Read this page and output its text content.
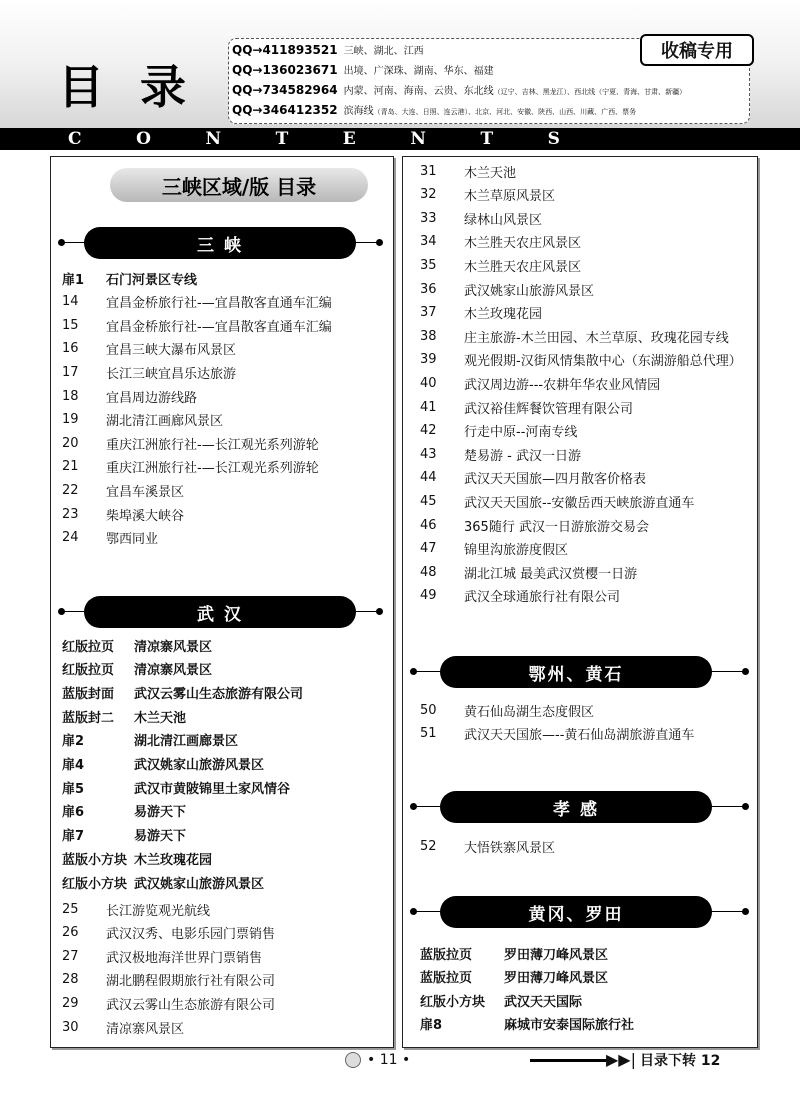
目 录
QQ→411893521 三峡、湖北、江西
QQ→136023671 出境、广深珠、湖南、华东、福建
QQ→734582964 内蒙、河南、海南、云贵、东北线（辽宁、吉林、黑龙江）、西北线（宁夏、青海、甘肃、新疆）
QQ→346412352 滨海线（青岛、大连、日照、连云港）、北京、河北、安徽、陕西、山西、川藏、广西、票务
收稿专用
C	O	N	T	E	N	T	S
三峡区域/版 目录
三 峡
武 汉
鄂州、黄石
孝 感
黄冈、罗田
扉1	石门河景区专线
14	宜昌金桥旅行社-—宜昌散客直通车汇编
15	宜昌金桥旅行社-—宜昌散客直通车汇编
16	宜昌三峡大瀑布风景区
17	长江三峡宜昌乐达旅游
18	宜昌周边游线路
19	湖北清江画廊风景区
20	重庆江洲旅行社-—长江观光系列游轮
21	重庆江洲旅行社-—长江观光系列游轮
22	宜昌车溪景区
23	柴埠溪大峡谷
24	鄂西同业
红版拉页	清凉寨风景区
红版拉页	清凉寨风景区
蓝版封面	武汉云雾山生态旅游有限公司
蓝版封二	木兰天池
扉2	湖北清江画廊景区
扉4	武汉姚家山旅游风景区
扉5	武汉市黄陂锦里土家风情谷
扉6	易游天下
扉7	易游天下
蓝版小方块 木兰玫瑰花园
红版小方块 武汉姚家山旅游风景区
25	长江游览观光航线
26	武汉汉秀、电影乐园门票销售
27	武汉极地海洋世界门票销售
28	湖北鹏程假期旅行社有限公司
29	武汉云雾山生态旅游有限公司
30	清凉寨风景区
31	木兰天池
32	木兰草原风景区
33	绿林山风景区
34	木兰胜天农庄风景区
35	木兰胜天农庄风景区
36	武汉姚家山旅游风景区
37	木兰玫瑰花园
38	庄主旅游-木兰田园、木兰草原、玫瑰花园专线
39	观光假期-汉街风情集散中心（东湖游船总代理）
40	武汉周边游---农耕年华农业风情园
41	武汉裕佳辉餐饮管理有限公司
42	行走中原--河南专线
43	楚易游 - 武汉一日游
44	武汉天天国旅—四月散客价格表
45	武汉天天国旅--安徽岳西天峡旅游直通车
46	365随行 武汉一日游旅游交易会
47	锦里沟旅游度假区
48	湖北江城 最美武汉赏樱一日游
49	武汉全球通旅行社有限公司
50	黄石仙岛湖生态度假区
51	武汉天天国旅—--黄石仙岛湖旅游直通车
52	大悟铁寨风景区
蓝版拉页	罗田薄刀峰风景区
蓝版拉页	罗田薄刀峰风景区
红版小方块	武汉天天国际
扉8	麻城市安泰国际旅行社
• 11 •	▶▶| 目录下转 12
